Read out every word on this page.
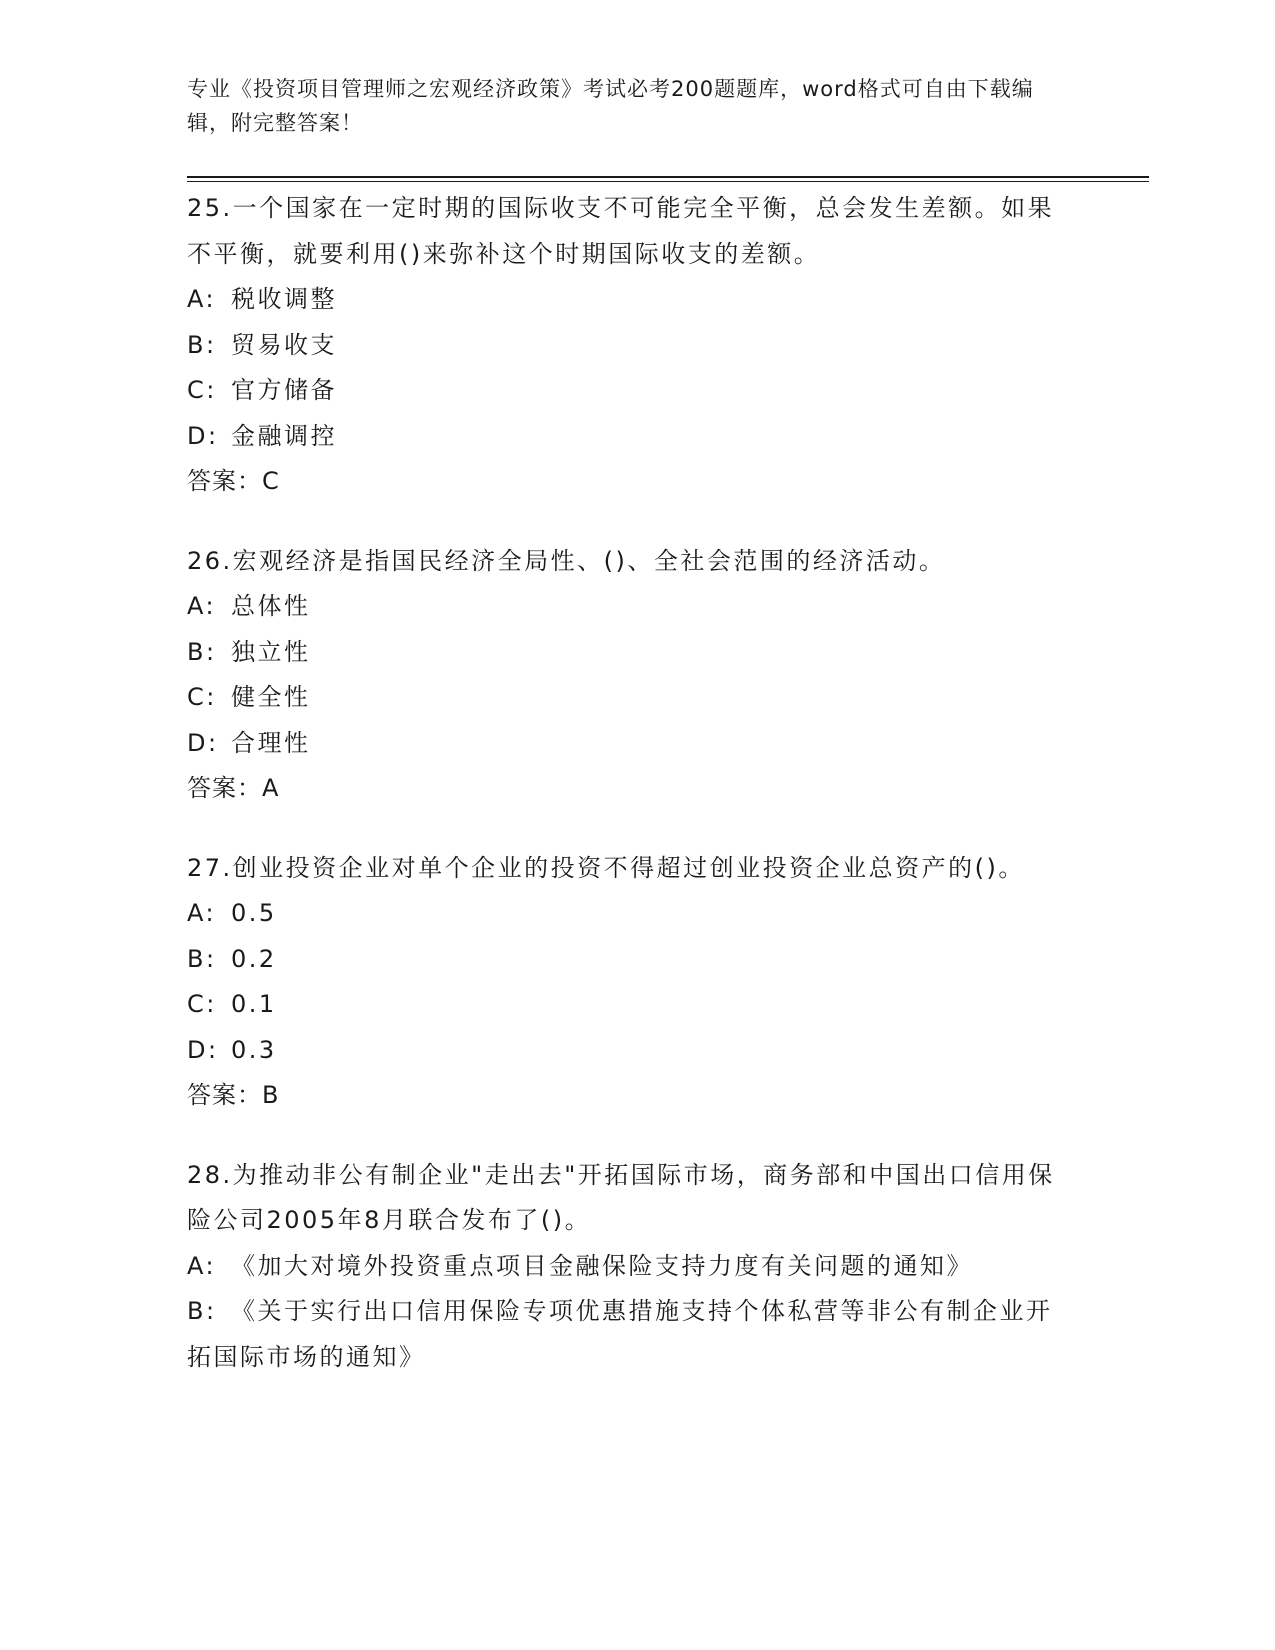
专业《投资项目管理师之宏观经济政策》考试必考200题题库，word格式可自由下载编辑，附完整答案！
25.一个国家在一定时期的国际收支不可能完全平衡，总会发生差额。如果不平衡，就要利用()来弥补这个时期国际收支的差额。
A: 税收调整
B: 贸易收支
C: 官方储备
D: 金融调控
答案：C
26.宏观经济是指国民经济全局性、()、全社会范围的经济活动。
A: 总体性
B: 独立性
C: 健全性
D: 合理性
答案：A
27.创业投资企业对单个企业的投资不得超过创业投资企业总资产的()。
A: 0.5
B: 0.2
C: 0.1
D: 0.3
答案：B
28.为推动非公有制企业"走出去"开拓国际市场，商务部和中国出口信用保险公司2005年8月联合发布了()。
A: 《加大对境外投资重点项目金融保险支持力度有关问题的通知》
B: 《关于实行出口信用保险专项优惠措施支持个体私营等非公有制企业开拓国际市场的通知》
